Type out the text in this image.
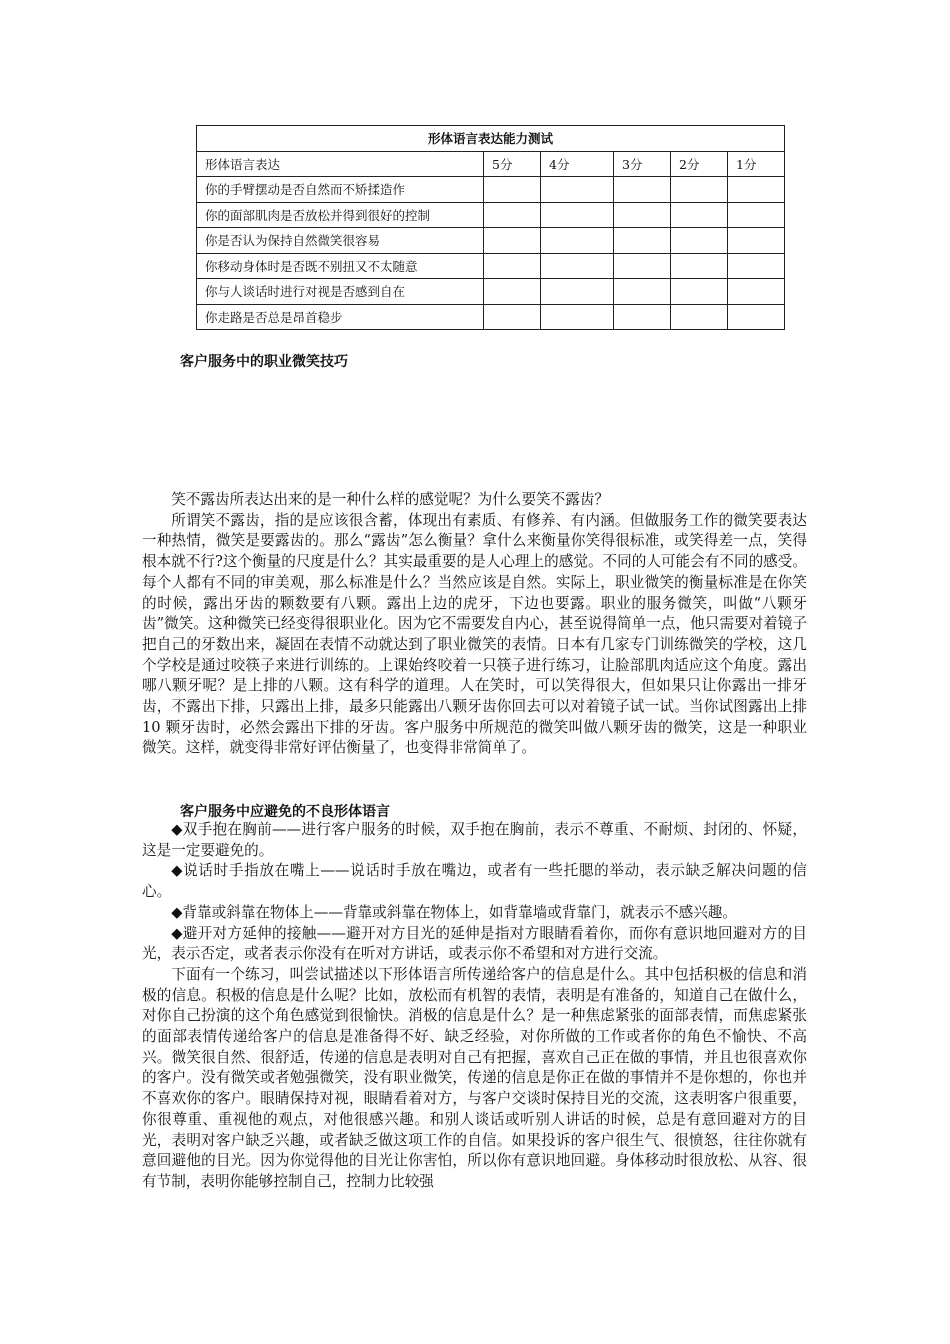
形体语言表达能力测试					
形体语言表达	5分	4分	3分	2分	1分
你的手臂摆动是否自然而不矫揉造作					
你的面部肌肉是否放松并得到很好的控制					
你是否认为保持自然微笑很容易					
你移动身体时是否既不别扭又不太随意					
你与人谈话时进行对视是否感到自在					
你走路是否总是昂首稳步					
客户服务中的职业微笑技巧

笑不露齿所表达出来的是一种什么样的感觉呢？为什么要笑不露齿？

所谓笑不露齿，指的是应该很含蓄，体现出有素质、有修养、有内涵。但做服务工作的微笑要表达一种热情，微笑是要露齿的。那么“露齿”怎么衡量？拿什么来衡量你笑得很标准，或笑得差一点，笑得根本就不行?这个衡量的尺度是什么？其实最重要的是人心理上的感觉。不同的人可能会有不同的感受。每个人都有不同的审美观，那么标准是什么？当然应该是自然。实际上，职业微笑的衡量标准是在你笑的时候，露出牙齿的颗数要有八颗。露出上边的虎牙，下边也要露。职业的服务微笑，叫做“八颗牙齿”微笑。这种微笑已经变得很职业化。因为它不需要发自内心，甚至说得简单一点，他只需要对着镜子把自己的牙数出来，凝固在表情不动就达到了职业微笑的表情。日本有几家专门训练微笑的学校，这几个学校是通过咬筷子来进行训练的。上课始终咬着一只筷子进行练习，让脸部肌肉适应这个角度。露出哪八颗牙呢？是上排的八颗。这有科学的道理。人在笑时，可以笑得很大，但如果只让你露出一排牙齿，不露出下排，只露出上排，最多只能露出八颗牙齿你回去可以对着镜子试一试。当你试图露出上排 10 颗牙齿时，必然会露出下排的牙齿。客户服务中所规范的微笑叫做八颗牙齿的微笑，这是一种职业微笑。这样，就变得非常好评估衡量了，也变得非常简单了。

客户服务中应避免的不良形体语言

◆双手抱在胸前——进行客户服务的时候，双手抱在胸前，表示不尊重、不耐烦、封闭的、怀疑，这是一定要避免的。

◆说话时手指放在嘴上——说话时手放在嘴边，或者有一些托腮的举动，表示缺乏解决问题的信心。

◆背靠或斜靠在物体上——背靠或斜靠在物体上，如背靠墙或背靠门，就表示不感兴趣。

◆避开对方延伸的接触——避开对方目光的延伸是指对方眼睛看着你，而你有意识地回避对方的目光，表示否定，或者表示你没有在听对方讲话，或表示你不希望和对方进行交流。

下面有一个练习，叫尝试描述以下形体语言所传递给客户的信息是什么。其中包括积极的信息和消极的信息。积极的信息是什么呢？比如，放松而有机智的表情，表明是有准备的，知道自己在做什么，对你自己扮演的这个角色感觉到很愉快。消极的信息是什么？是一种焦虑紧张的面部表情，而焦虑紧张的面部表情传递给客户的信息是准备得不好、缺乏经验，对你所做的工作或者你的角色不愉快、不高兴。微笑很自然、很舒适，传递的信息是表明对自己有把握，喜欢自己正在做的事情，并且也很喜欢你的客户。没有微笑或者勉强微笑，没有职业微笑，传递的信息是你正在做的事情并不是你想的，你也并不喜欢你的客户。眼睛保持对视，眼睛看着对方，与客户交谈时保持目光的交流，这表明客户很重要，你很尊重、重视他的观点，对他很感兴趣。和别人谈话或听别人讲话的时候，总是有意回避对方的目光，表明对客户缺乏兴趣，或者缺乏做这项工作的自信。如果投诉的客户很生气、很愤怒，往往你就有意回避他的目光。因为你觉得他的目光让你害怕，所以你有意识地回避。身体移动时很放松、从容、很有节制，表明你能够控制自己，控制力比较强
